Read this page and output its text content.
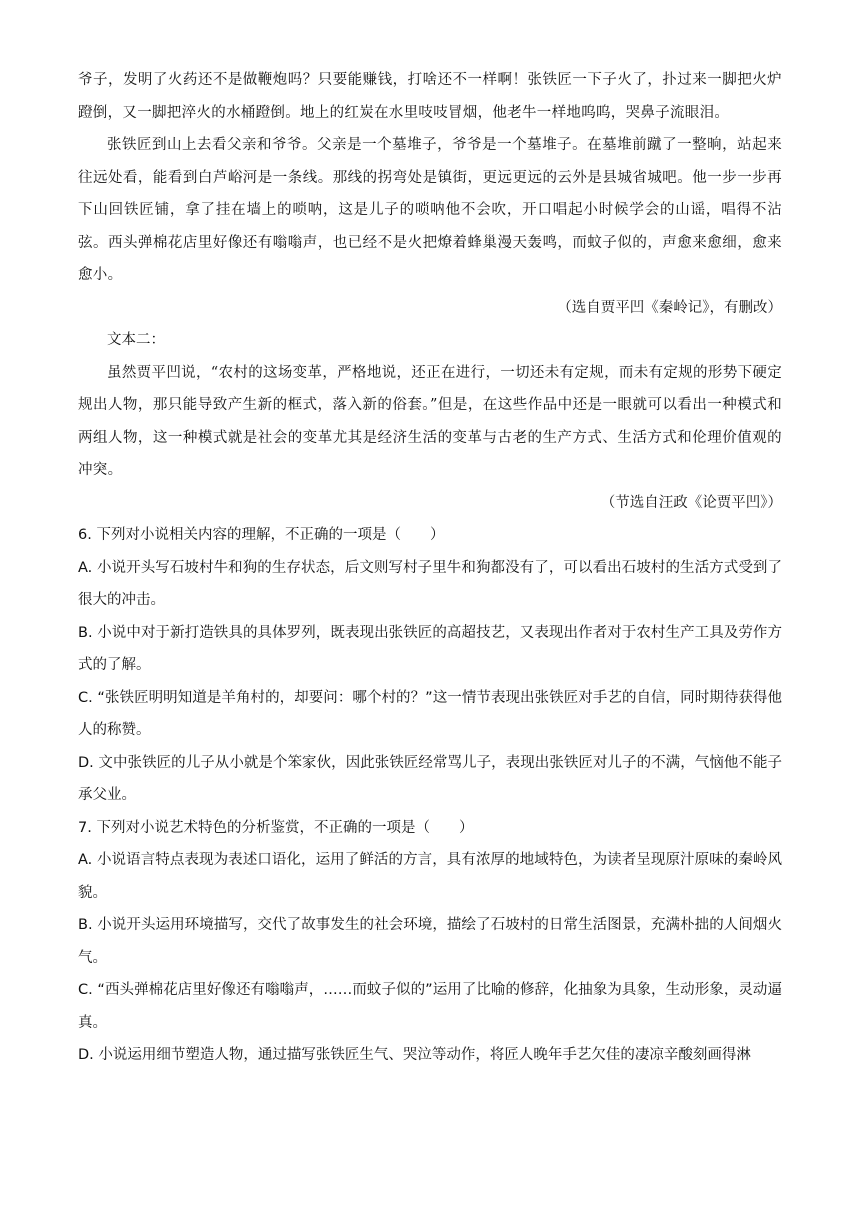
爷子，发明了火药还不是做鞭炮吗？只要能赚钱，打啥还不一样啊！张铁匠一下子火了，扑过来一脚把火炉蹬倒，又一脚把淬火的水桶蹬倒。地上的红炭在水里吱吱冒烟，他老牛一样地呜呜，哭鼻子流眼泪。

张铁匠到山上去看父亲和爷爷。父亲是一个墓堆子，爷爷是一个墓堆子。在墓堆前蹴了一整晌，站起来往远处看，能看到白芦峪河是一条线。那线的拐弯处是镇街，更远更远的云外是县城省城吧。他一步一步再下山回铁匠铺，拿了挂在墙上的唢呐，这是儿子的唢呐他不会吹，开口唱起小时候学会的山谣，唱得不沾弦。西头弹棉花店里好像还有嗡嗡声，也已经不是火把燎着蜂巢漫天轰鸣，而蚊子似的，声愈来愈细，愈来愈小。

（选自贾平凹《秦岭记》，有删改）

文本二：

虽然贾平凹说，“农村的这场变革，严格地说，还正在进行，一切还未有定规，而未有定规的形势下硬定规出人物，那只能导致产生新的框式，落入新的俗套。”但是，在这些作品中还是一眼就可以看出一种模式和两组人物，这一种模式就是社会的变革尤其是经济生活的变革与古老的生产方式、生活方式和伦理价值观的冲突。

（节选自汪政《论贾平凹》）

6. 下列对小说相关内容的理解，不正确的一项是（　　）

A. 小说开头写石坡村牛和狗的生存状态，后文则写村子里牛和狗都没有了，可以看出石坡村的生活方式受到了很大的冲击。

B. 小说中对于新打造铁具的具体罗列，既表现出张铁匠的高超技艺，又表现出作者对于农村生产工具及劳作方式的了解。

C. “张铁匠明明知道是羊角村的，却要问：哪个村的？”这一情节表现出张铁匠对手艺的自信，同时期待获得他人的称赞。

D. 文中张铁匠的儿子从小就是个笨家伙，因此张铁匠经常骂儿子，表现出张铁匠对儿子的不满，气恼他不能子承父业。

7. 下列对小说艺术特色的分析鉴赏，不正确的一项是（　　）

A. 小说语言特点表现为表述口语化，运用了鲜活的方言，具有浓厚的地域特色，为读者呈现原汁原味的秦岭风貌。

B. 小说开头运用环境描写，交代了故事发生的社会环境，描绘了石坡村的日常生活图景，充满朴拙的人间烟火气。

C. “西头弹棉花店里好像还有嗡嗡声，……而蚊子似的”运用了比喻的修辞，化抽象为具象，生动形象，灵动逼真。

D. 小说运用细节塑造人物，通过描写张铁匠生气、哭泣等动作，将匠人晚年手艺欠佳的凄凉辛酸刻画得淋
